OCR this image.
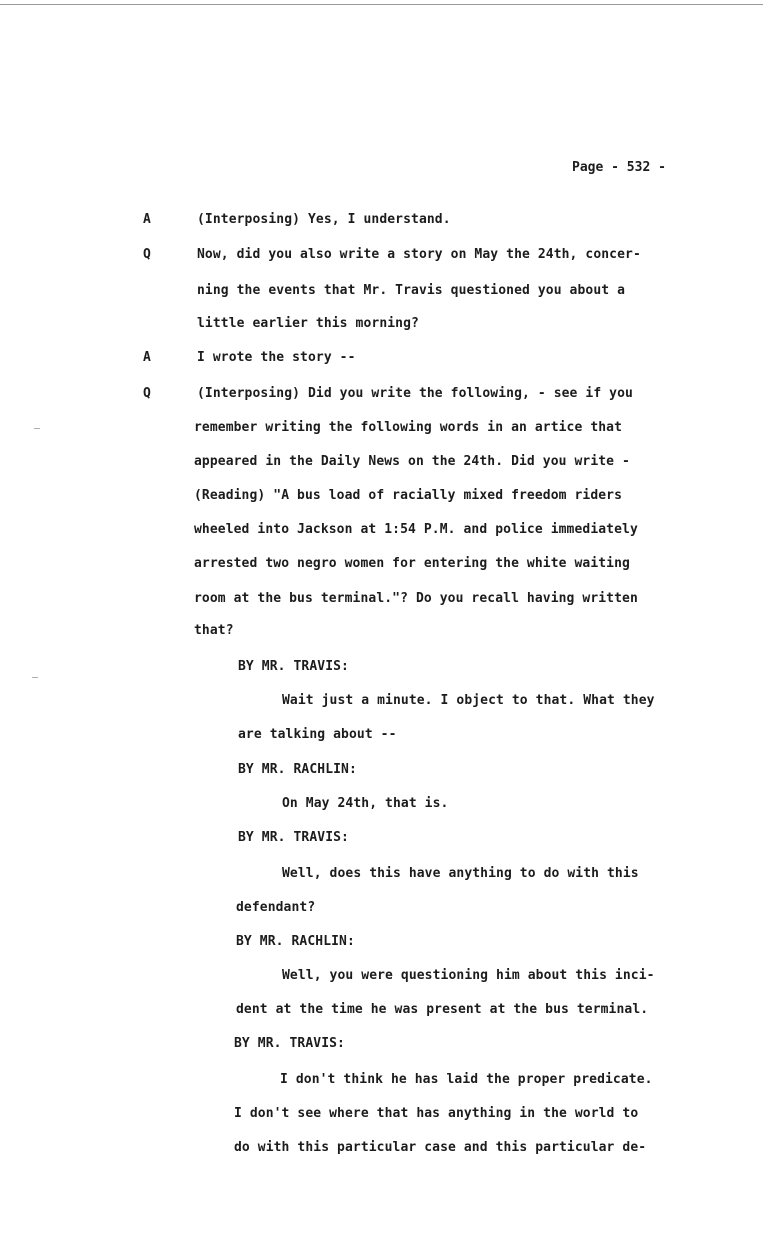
Page - 532 -
A	(Interposing) Yes, I understand.
Q	Now, did you also write a story on May the 24th, concer-
ning the events that Mr. Travis questioned you about a
little earlier this morning?
A	I wrote the story --
Q	(Interposing) Did you write the following, - see if you
remember writing the following words in an artice that
appeared in the Daily News on the 24th. Did you write -
(Reading) "A bus load of racially mixed freedom riders
wheeled into Jackson at 1:54 P.M. and police immediately
arrested two negro women for entering the white waiting
room at the bus terminal."? Do you recall having written
that?
BY MR. TRAVIS:
Wait just a minute. I object to that. What they
are talking about --
BY MR. RACHLIN:
On May 24th, that is.
BY MR. TRAVIS:
Well, does this have anything to do with this
defendant?
BY MR. RACHLIN:
Well, you were questioning him about this inci-
dent at the time he was present at the bus terminal.
BY MR. TRAVIS:
I don't think he has laid the proper predicate.
I don't see where that has anything in the world to
do with this particular case and this particular de-
